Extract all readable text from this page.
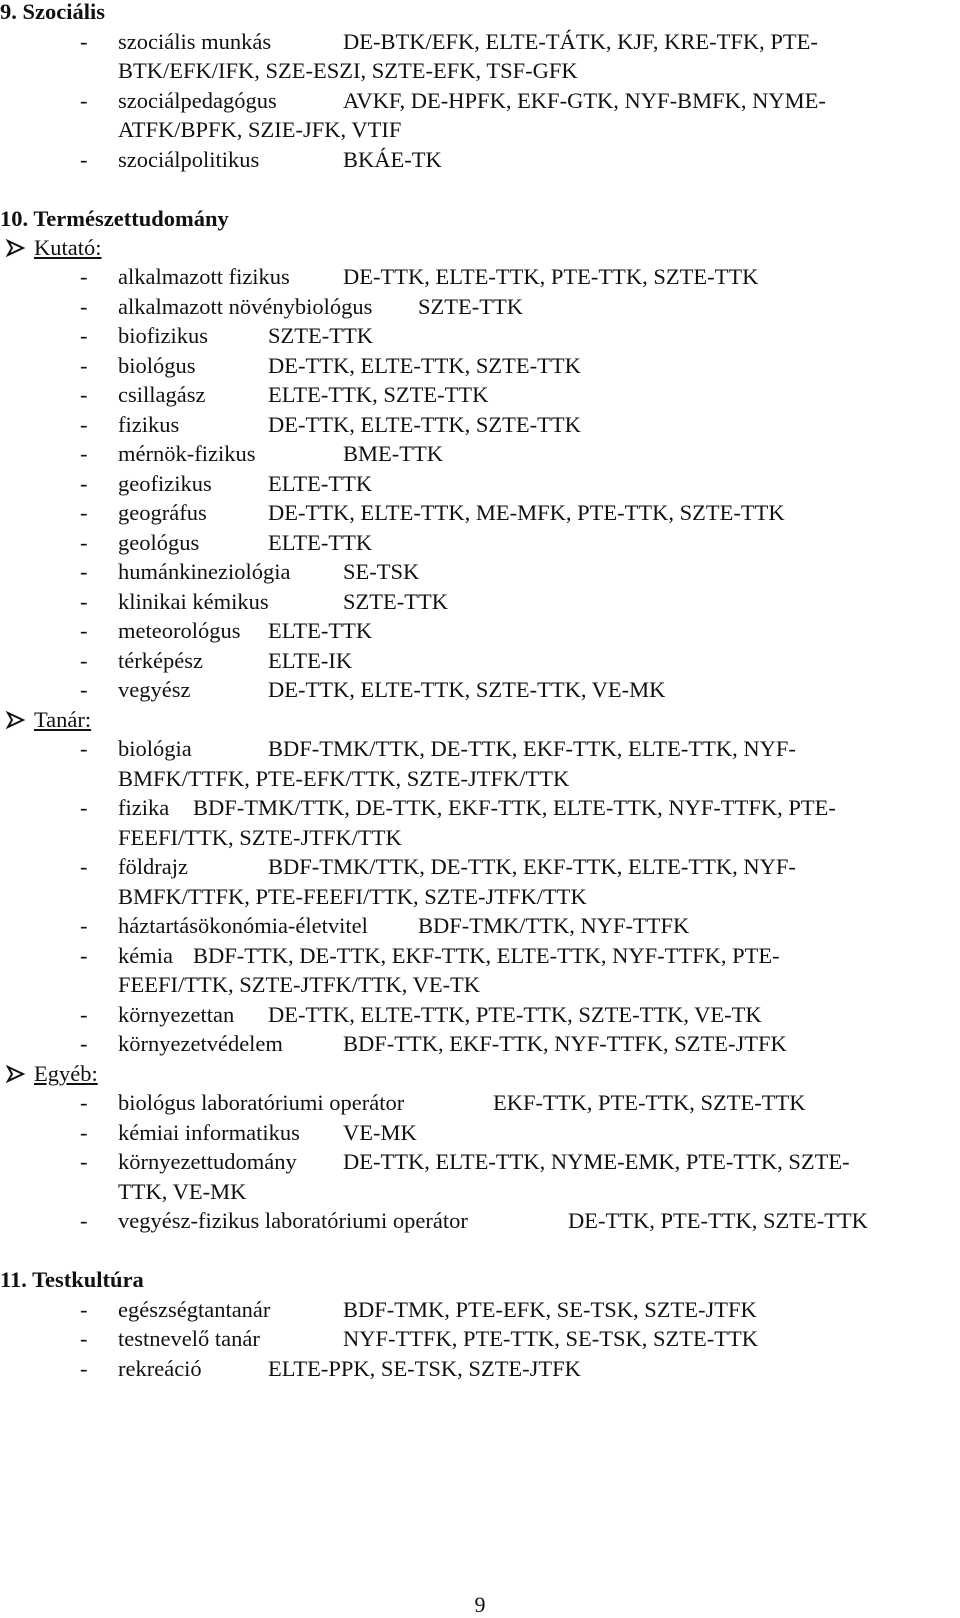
9. Szociális
- szociális munkás	DE-BTK/EFK, ELTE-TÁTK, KJF, KRE-TFK, PTE-
BTK/EFK/IFK, SZE-ESZI, SZTE-EFK, TSF-GFK
- szociálpedagógus	AVKF, DE-HPFK, EKF-GTK, NYF-BMFK, NYME-
ATFK/BPFK, SZIE-JFK, VTIF
- szociálpolitikus	BKÁE-TK
10. Természettudomány
Kutató:
- alkalmazott fizikus DE-TTK, ELTE-TTK, PTE-TTK, SZTE-TTK
- alkalmazott növénybiológus SZTE-TTK
- biofizikus	SZTE-TTK
- biológus	DE-TTK, ELTE-TTK, SZTE-TTK
- csillagász	ELTE-TTK, SZTE-TTK
- fizikus	DE-TTK, ELTE-TTK, SZTE-TTK
- mérnök-fizikus	BME-TTK
- geofizikus	ELTE-TTK
- geográfus	DE-TTK, ELTE-TTK, ME-MFK, PTE-TTK, SZTE-TTK
- geológus	ELTE-TTK
- humánkineziológia SE-TSK
- klinikai kémikus	SZTE-TTK
- meteorológus ELTE-TTK
- térképész	ELTE-IK
- vegyész	DE-TTK, ELTE-TTK, SZTE-TTK, VE-MK
Tanár:
- biológia	BDF-TMK/TTK, DE-TTK, EKF-TTK, ELTE-TTK, NYF-
BMFK/TTFK, PTE-EFK/TTK, SZTE-JTFK/TTK
- fizika BDF-TMK/TTK, DE-TTK, EKF-TTK, ELTE-TTK, NYF-TTFK, PTE-
FEEFI/TTK, SZTE-JTFK/TTK
- földrajz	BDF-TMK/TTK, DE-TTK, EKF-TTK, ELTE-TTK, NYF-
BMFK/TTFK, PTE-FEEFI/TTK, SZTE-JTFK/TTK
- háztartásökonómia-életvitel BDF-TMK/TTK, NYF-TTFK
- kémia BDF-TTK, DE-TTK, EKF-TTK, ELTE-TTK, NYF-TTFK, PTE-
FEEFI/TTK, SZTE-JTFK/TTK, VE-TK
- környezettan DE-TTK, ELTE-TTK, PTE-TTK, SZTE-TTK, VE-TK
- környezetvédelem	BDF-TTK, EKF-TTK, NYF-TTFK, SZTE-JTFK
Egyéb:
- biológus laboratóriumi operátor	EKF-TTK, PTE-TTK, SZTE-TTK
- kémiai informatikus VE-MK
- környezettudomány DE-TTK, ELTE-TTK, NYME-EMK, PTE-TTK, SZTE-
TTK, VE-MK
- vegyész-fizikus laboratóriumi operátor	DE-TTK, PTE-TTK, SZTE-TTK
11. Testkultúra
- egészségtantanár	BDF-TMK, PTE-EFK, SE-TSK, SZTE-JTFK
- testnevelő tanár	NYF-TTFK, PTE-TTK, SE-TSK, SZTE-TTK
- rekreáció	ELTE-PPK, SE-TSK, SZTE-JTFK
9
